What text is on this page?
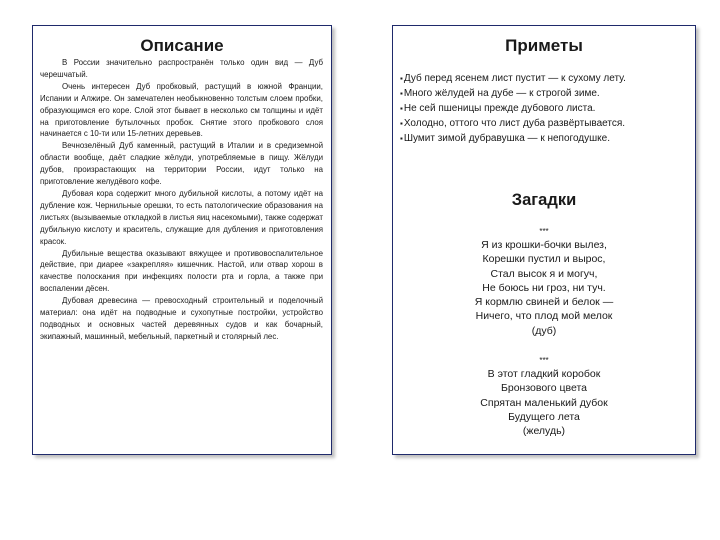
Описание

В России значительно распространён только один вид — Дуб черешчатый.

Очень интересен Дуб пробковый, растущий в южной Франции, Испании и Алжире. Он замечателен необыкновенно толстым слоем пробки, образующимся его коре. Слой этот бывает в несколько см толщины и идёт на приготовление бутылочных пробок. Снятие этого пробкового слоя начинается с 10-ти или 15-летних деревьев.

Вечнозелёный Дуб каменный, растущий в Италии и в средиземной области вообще, даёт сладкие жёлуди, употребляемые в пищу. Жёлуди дубов, произрастающих на территории России, идут только на приготовление желудёвого кофе.

Дубовая кора содержит много дубильной кислоты, а потому идёт на дубление кож. Чернильные орешки, то есть патологические образования на листьях (вызываемые откладкой в листья яиц насекомыми), также содержат дубильную кислоту и краситель, служащие для дубления и приготовления красок.

Дубильные вещества оказывают вяжущее и противовоспалительное действие, при диарее «закрепляя» кишечник. Настой, или отвар хорош в качестве полоскания при инфекциях полости рта и горла, а также при воспалении дёсен.

Дубовая древесина — превосходный строительный и поделочный материал: она идёт на подводные и сухопутные постройки, устройство подводных и основных частей деревянных судов и как бочарный, экипажный, машинный, мебельный, паркетный и столярный лес.

Приметы
▪ Дуб перед ясенем лист пустит — к сухому лету.
▪ Много жёлудей на дубе — к строгой зиме.
▪ Не сей пшеницы прежде дубового листа.
▪ Холодно, оттого что лист дуба развёртывается.
▪ Шумит зимой дубравушка — к непогодушке.
Загадки
***
Я из крошки-бочки вылез,
Корешки пустил и вырос,
Стал высок я и могуч,
Не боюсь ни гроз, ни туч.
Я кормлю свиней и белок —
Ничего, что плод мой мелок
(дуб)
***
В этот гладкий коробок
Бронзового цвета
Спрятан маленький дубок
Будущего лета
(желудь)
